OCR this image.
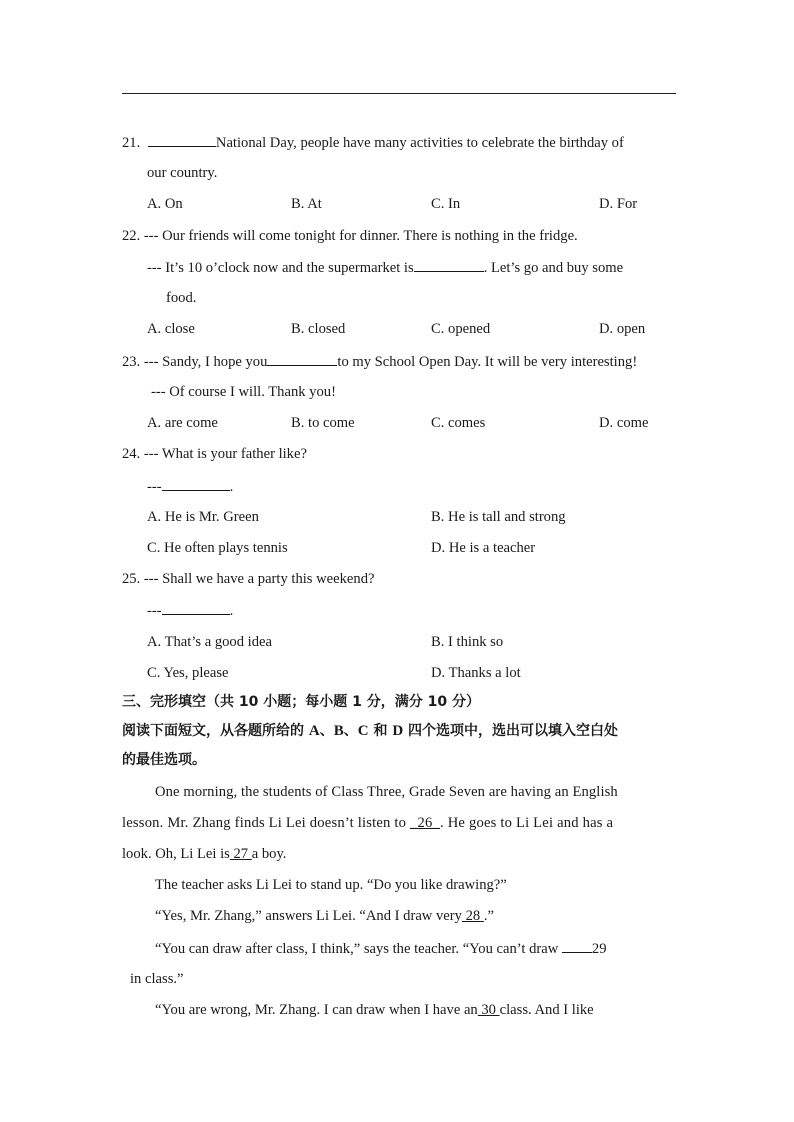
21.	National Day, people have many activities to celebrate the birthday of
our country.
A. On	B. At	C. In	D. For
22. --- Our friends will come tonight for dinner. There is nothing in the fridge.
--- It’s 10 o’clock now and the supermarket is	. Let’s go and buy some
food.
A. close	B. closed	C. opened	D. open
23. --- Sandy, I hope you	to my School Open Day. It will be very interesting!
--- Of course I will. Thank you!
A. are come	B. to come	C. comes	D. come
24. --- What is your father like?
---	.
A. He is Mr. Green	B. He is tall and strong
C. He often plays tennis	D. He is a teacher
25. --- Shall we have a party this weekend?
---	.
A. That’s a good idea	B. I think so
C. Yes, please	D. Thanks a lot
三、完形填空（共 10 小题；每小题 1 分，满分 10 分）
阅读下面短文，从各题所给的 A、B、C 和 D 四个选项中，选出可以填入空白处
的最佳选项。
One morning, the students of Class Three, Grade Seven are having an English
lesson. Mr. Zhang finds Li Lei doesn’t listen to _26_. He goes to Li Lei and has a
look. Oh, Li Lei is 27 a boy.
The teacher asks Li Lei to stand up. “Do you like drawing?”
“Yes, Mr. Zhang,” answers Li Lei. “And I draw very 28 .”
“You can draw after class, I think,” says the teacher. “You can’t draw 29
in class.”
“You are wrong, Mr. Zhang. I can draw when I have an 30 class. And I like
